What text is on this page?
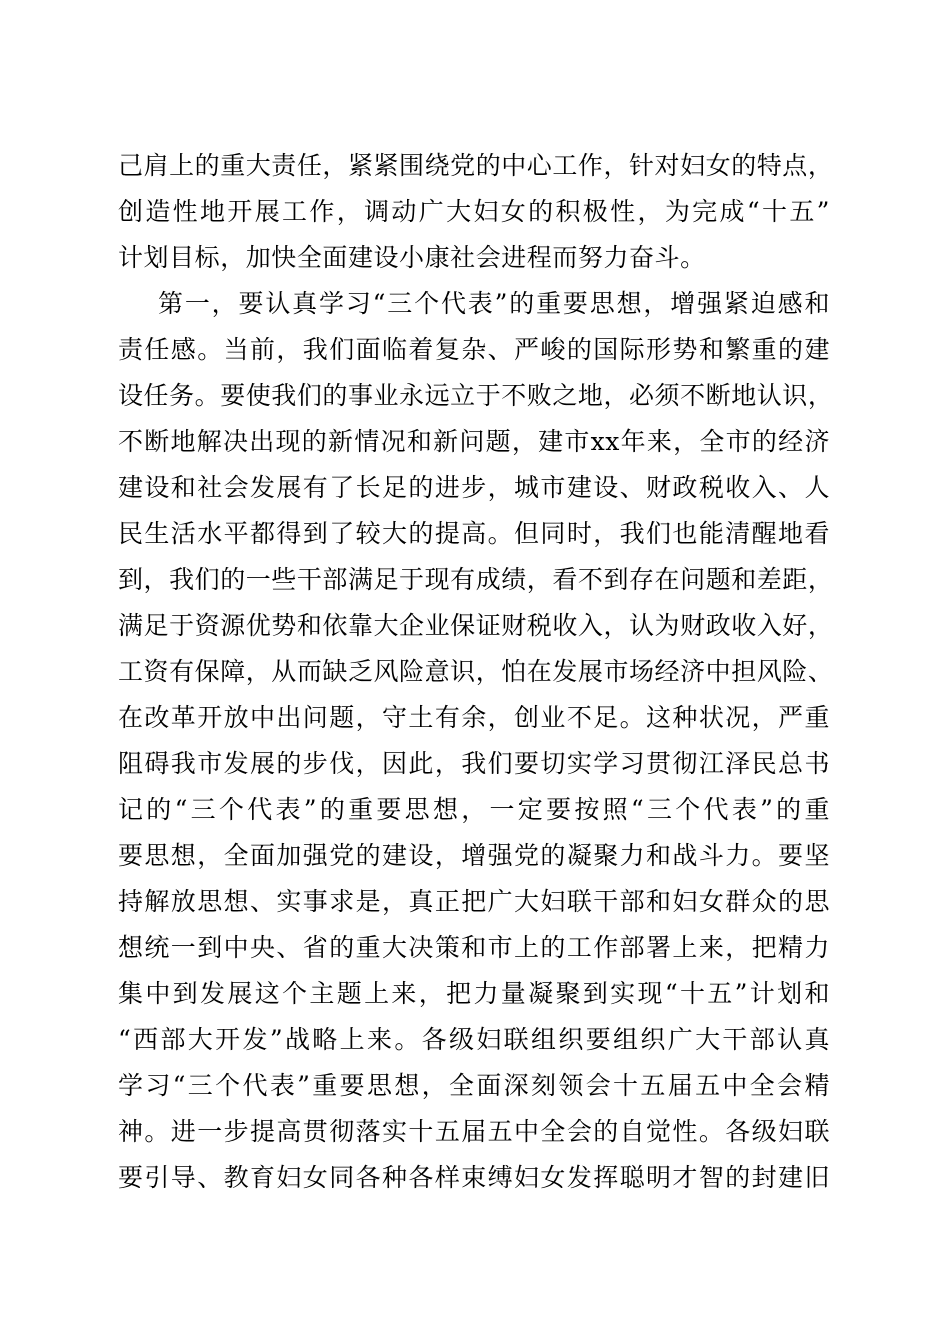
己肩上的重大责任，紧紧围绕党的中心工作，针对妇女的特点，
创造性地开展工作，调动广大妇女的积极性，为完成“十五”
计划目标，加快全面建设小康社会进程而努力奋斗。
第一，要认真学习“三个代表”的重要思想，增强紧迫感和
责任感。当前，我们面临着复杂、严峻的国际形势和繁重的建
设任务。要使我们的事业永远立于不败之地，必须不断地认识，
不断地解决出现的新情况和新问题，建市xx年来，全市的经济
建设和社会发展有了长足的进步，城市建设、财政税收入、人
民生活水平都得到了较大的提高。但同时，我们也能清醒地看
到，我们的一些干部满足于现有成绩，看不到存在问题和差距，
满足于资源优势和依靠大企业保证财税收入，认为财政收入好，
工资有保障，从而缺乏风险意识，怕在发展市场经济中担风险、
在改革开放中出问题，守土有余，创业不足。这种状况，严重
阻碍我市发展的步伐，因此，我们要切实学习贯彻江泽民总书
记的“三个代表”的重要思想，一定要按照“三个代表”的重
要思想，全面加强党的建设，增强党的凝聚力和战斗力。要坚
持解放思想、实事求是，真正把广大妇联干部和妇女群众的思
想统一到中央、省的重大决策和市上的工作部署上来，把精力
集中到发展这个主题上来，把力量凝聚到实现“十五”计划和
“西部大开发”战略上来。各级妇联组织要组织广大干部认真
学习“三个代表”重要思想，全面深刻领会十五届五中全会精
神。进一步提高贯彻落实十五届五中全会的自觉性。各级妇联
要引导、教育妇女同各种各样束缚妇女发挥聪明才智的封建旧
